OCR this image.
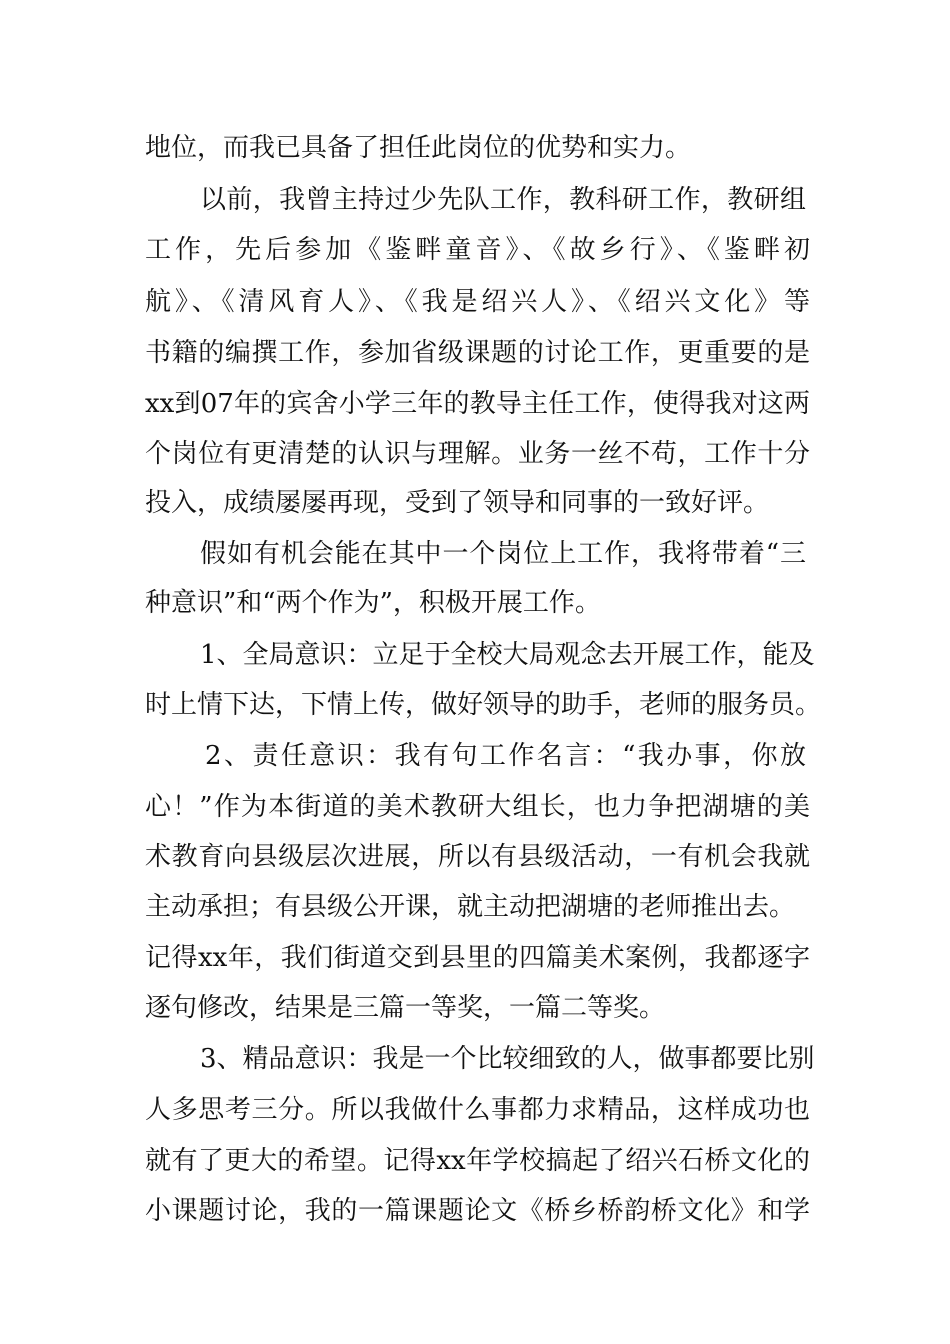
地位，而我已具备了担任此岗位的优势和实力。
以前，我曾主持过少先队工作，教科研工作，教研组
工作，先后参加《鉴畔童音》、《故乡行》、《鉴畔初
航》、《清风育人》、《我是绍兴人》、《绍兴文化》等
书籍的编撰工作，参加省级课题的讨论工作，更重要的是
xx到07年的宾舍小学三年的教导主任工作，使得我对这两
个岗位有更清楚的认识与理解。业务一丝不苟，工作十分
投入，成绩屡屡再现，受到了领导和同事的一致好评。
假如有机会能在其中一个岗位上工作，我将带着“三
种意识”和“两个作为”，积极开展工作。
1、全局意识：立足于全校大局观念去开展工作，能及
时上情下达，下情上传，做好领导的助手，老师的服务员。
2、责任意识：我有句工作名言：“我办事，你放
心！”作为本街道的美术教研大组长，也力争把湖塘的美
术教育向县级层次进展，所以有县级活动，一有机会我就
主动承担；有县级公开课，就主动把湖塘的老师推出去。
记得xx年，我们街道交到县里的四篇美术案例，我都逐字
逐句修改，结果是三篇一等奖，一篇二等奖。
3、精品意识：我是一个比较细致的人，做事都要比别
人多思考三分。所以我做什么事都力求精品，这样成功也
就有了更大的希望。记得xx年学校搞起了绍兴石桥文化的
小课题讨论，我的一篇课题论文《桥乡桥韵桥文化》和学
